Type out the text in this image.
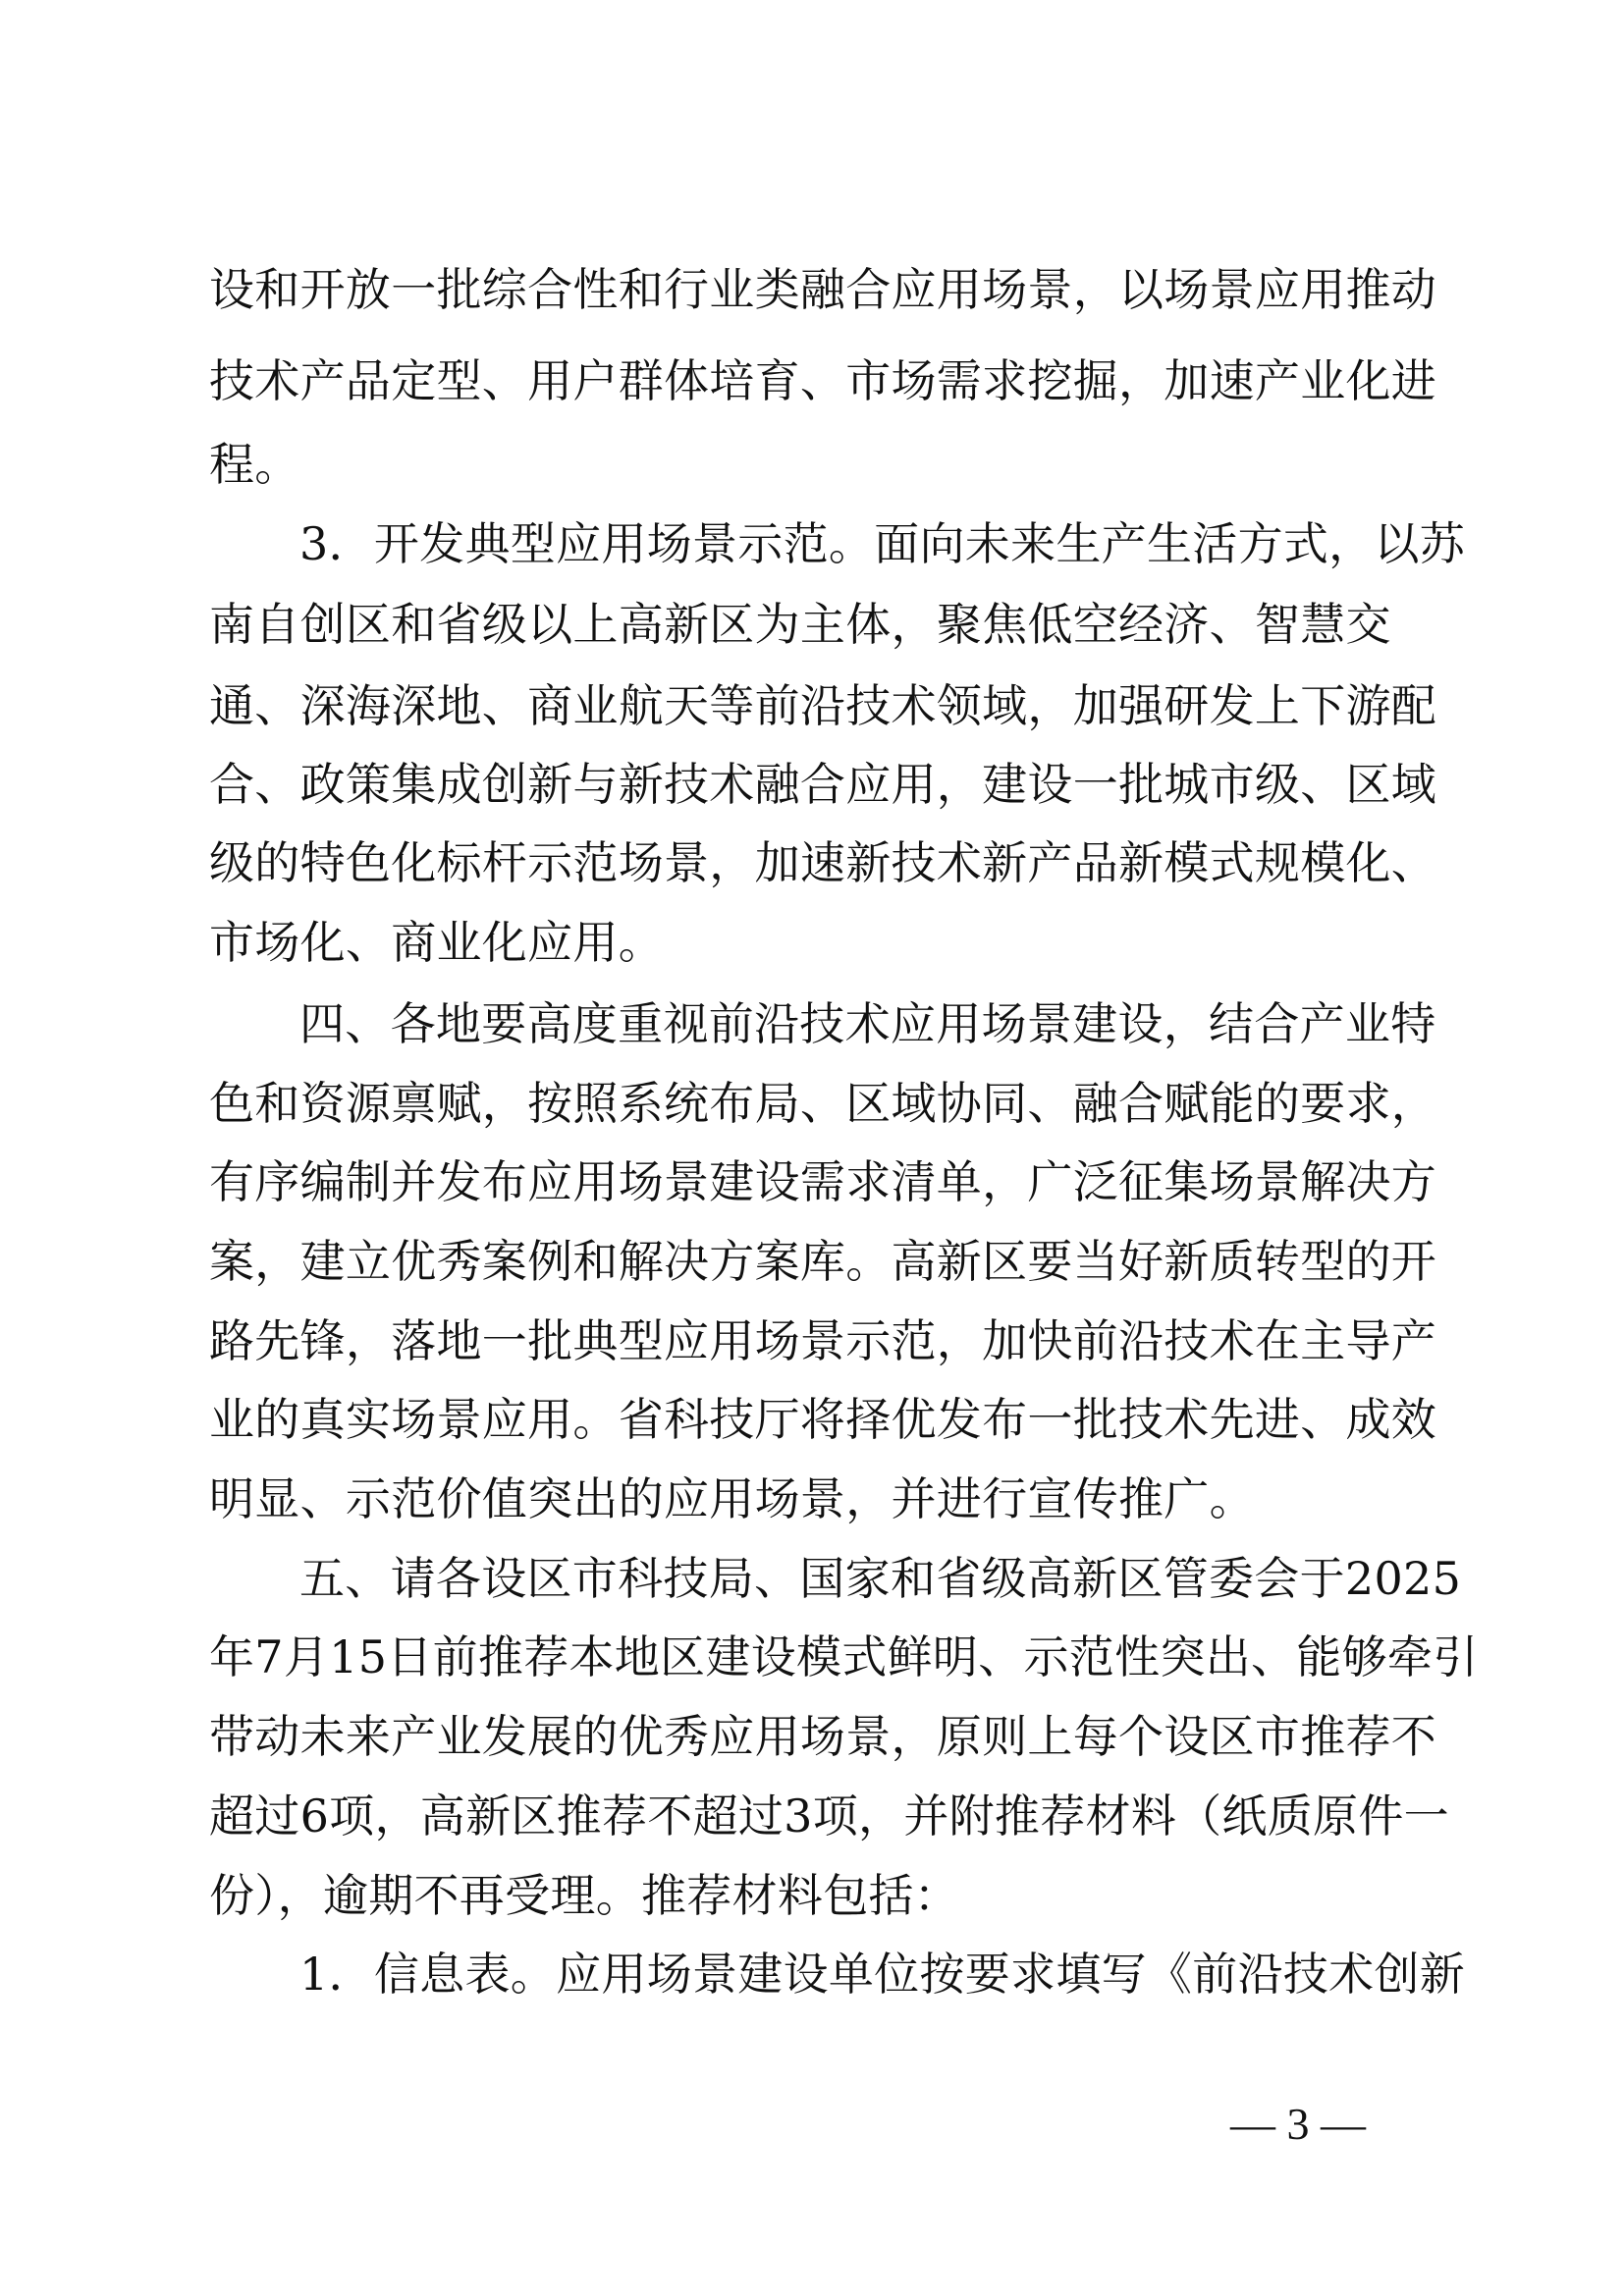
设和开放一批综合性和行业类融合应用场景，以场景应用推动
技术产品定型、用户群体培育、市场需求挖掘，加速产业化进
程。
3．开发典型应用场景示范。面向未来生产生活方式，以苏
南自创区和省级以上高新区为主体，聚焦低空经济、智慧交
通、深海深地、商业航天等前沿技术领域，加强研发上下游配
合、政策集成创新与新技术融合应用，建设一批城市级、区域
级的特色化标杆示范场景，加速新技术新产品新模式规模化、
市场化、商业化应用。
四、各地要高度重视前沿技术应用场景建设，结合产业特
色和资源禀赋，按照系统布局、区域协同、融合赋能的要求，
有序编制并发布应用场景建设需求清单，广泛征集场景解决方
案，建立优秀案例和解决方案库。高新区要当好新质转型的开
路先锋，落地一批典型应用场景示范，加快前沿技术在主导产
业的真实场景应用。省科技厅将择优发布一批技术先进、成效
明显、示范价值突出的应用场景，并进行宣传推广。
五、请各设区市科技局、国家和省级高新区管委会于2025
年7月15日前推荐本地区建设模式鲜明、示范性突出、能够牵引
带动未来产业发展的优秀应用场景，原则上每个设区市推荐不
超过6项，高新区推荐不超过3项，并附推荐材料（纸质原件一
份），逾期不再受理。推荐材料包括：
1．信息表。应用场景建设单位按要求填写《前沿技术创新
— 3 —
